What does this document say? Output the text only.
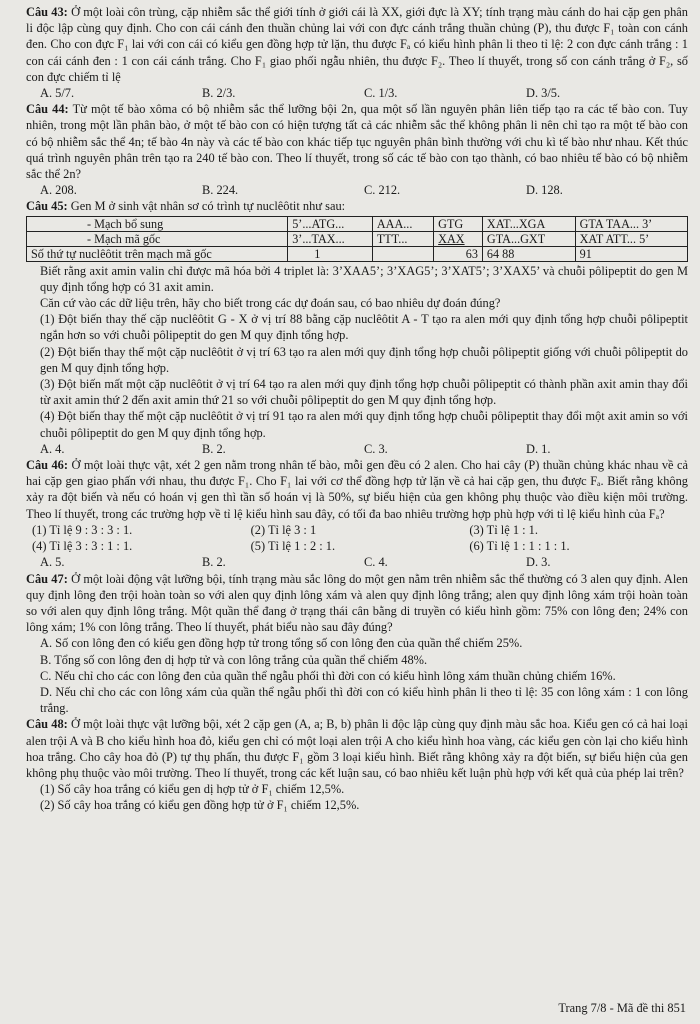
Câu 43: Ở một loài côn trùng, cặp nhiễm sắc thể giới tính ở giới cái là XX, giới đực là XY; tính trạng màu cánh do hai cặp gen phân li độc lập cùng quy định. Cho con cái cánh đen thuần chủng lai với con đực cánh trắng thuần chủng (P), thu được F₁ toàn con cánh đen. Cho con đực F₁ lai với con cái có kiểu gen đồng hợp tử lặn, thu được Fₐ có kiểu hình phân li theo tỉ lệ: 2 con đực cánh trắng : 1 con cái cánh đen : 1 con cái cánh trắng. Cho F₁ giao phối ngẫu nhiên, thu được F₂. Theo lí thuyết, trong số con cánh trắng ở F₂, số con đực chiếm tỉ lệ

A. 5/7.	B. 2/3.	C. 1/3.	D. 3/5.

Câu 44: Từ một tế bào xôma có bộ nhiễm sắc thể lưỡng bội 2n, qua một số lần nguyên phân liên tiếp tạo ra các tế bào con. Tuy nhiên, trong một lần phân bào, ở một tế bào con có hiện tượng tất cả các nhiễm sắc thể không phân li nên chỉ tạo ra một tế bào con có bộ nhiễm sắc thể 4n; tế bào 4n này và các tế bào con khác tiếp tục nguyên phân bình thường với chu kì tế bào như nhau. Kết thúc quá trình nguyên phân trên tạo ra 240 tế bào con. Theo lí thuyết, trong số các tế bào con tạo thành, có bao nhiêu tế bào có bộ nhiễm sắc thể 2n?

A. 208.	B. 224.	C. 212.	D. 128.

Câu 45: Gen M ở sinh vật nhân sơ có trình tự nuclêôtit như sau:

- Mạch bổ sung	5’...ATG...	AAA...	GTG	XAT...XGA	GTA TAA... 3’
- Mạch mã gốc	3’...TAX...	TTT...	XAX	GTA...GXT	XAT ATT... 5’
Số thứ tự nuclêôtit trên mạch mã gốc	1		63	64 88	91

Biết rằng axit amin valin chỉ được mã hóa bởi 4 triplet là: 3’XAA5’; 3’XAG5’; 3’XAT5’; 3’XAX5’ và chuỗi pôlipeptit do gen M quy định tổng hợp có 31 axit amin.

Căn cứ vào các dữ liệu trên, hãy cho biết trong các dự đoán sau, có bao nhiêu dự đoán đúng?

(1) Đột biến thay thế cặp nuclêôtit G - X ở vị trí 88 bằng cặp nuclêôtit A - T tạo ra alen mới quy định tổng hợp chuỗi pôlipeptit ngắn hơn so với chuỗi pôlipeptit do gen M quy định tổng hợp.

(2) Đột biến thay thế một cặp nuclêôtit ở vị trí 63 tạo ra alen mới quy định tổng hợp chuỗi pôlipeptit giống với chuỗi pôlipeptit do gen M quy định tổng hợp.

(3) Đột biến mất một cặp nuclêôtit ở vị trí 64 tạo ra alen mới quy định tổng hợp chuỗi pôlipeptit có thành phần axit amin thay đổi từ axit amin thứ 2 đến axit amin thứ 21 so với chuỗi pôlipeptit do gen M quy định tổng hợp.

(4) Đột biến thay thế một cặp nuclêôtit ở vị trí 91 tạo ra alen mới quy định tổng hợp chuỗi pôlipeptit thay đổi một axit amin so với chuỗi pôlipeptit do gen M quy định tổng hợp.

A. 4.	B. 2.	C. 3.	D. 1.

Câu 46: Ở một loài thực vật, xét 2 gen nằm trong nhân tế bào, mỗi gen đều có 2 alen. Cho hai cây (P) thuần chủng khác nhau về cả hai cặp gen giao phấn với nhau, thu được F₁. Cho F₁ lai với cơ thể đồng hợp tử lặn về cả hai cặp gen, thu được Fₐ. Biết rằng không xảy ra đột biến và nếu có hoán vị gen thì tần số hoán vị là 50%, sự biểu hiện của gen không phụ thuộc vào điều kiện môi trường. Theo lí thuyết, trong các trường hợp về tỉ lệ kiểu hình sau đây, có tối đa bao nhiêu trường hợp phù hợp với tỉ lệ kiểu hình của Fₐ?

(1) Tỉ lệ 9 : 3 : 3 : 1.	(2) Tỉ lệ 3 : 1	(3) Tỉ lệ 1 : 1.
(4) Tỉ lệ 3 : 3 : 1 : 1.	(5) Tỉ lệ 1 : 2 : 1.	(6) Tỉ lệ 1 : 1 : 1 : 1.
A. 5.	B. 2.	C. 4.	D. 3.

Câu 47: Ở một loài động vật lưỡng bội, tính trạng màu sắc lông do một gen nằm trên nhiễm sắc thể thường có 3 alen quy định. Alen quy định lông đen trội hoàn toàn so với alen quy định lông xám và alen quy định lông trắng; alen quy định lông xám trội hoàn toàn so với alen quy định lông trắng. Một quần thể đang ở trạng thái cân bằng di truyền có kiểu hình gồm: 75% con lông đen; 24% con lông xám; 1% con lông trắng. Theo lí thuyết, phát biểu nào sau đây đúng?

A. Số con lông đen có kiểu gen đồng hợp tử trong tổng số con lông đen của quần thể chiếm 25%.

B. Tổng số con lông đen dị hợp tử và con lông trắng của quần thể chiếm 48%.

C. Nếu chỉ cho các con lông đen của quần thể ngẫu phối thì đời con có kiểu hình lông xám thuần chủng chiếm 16%.

D. Nếu chỉ cho các con lông xám của quần thể ngẫu phối thì đời con có kiểu hình phân li theo tỉ lệ: 35 con lông xám : 1 con lông trắng.

Câu 48: Ở một loài thực vật lưỡng bội, xét 2 cặp gen (A, a; B, b) phân li độc lập cùng quy định màu sắc hoa. Kiểu gen có cả hai loại alen trội A và B cho kiểu hình hoa đỏ, kiểu gen chỉ có một loại alen trội A cho kiểu hình hoa vàng, các kiểu gen còn lại cho kiểu hình hoa trắng. Cho cây hoa đỏ (P) tự thụ phấn, thu được F₁ gồm 3 loại kiểu hình. Biết rằng không xảy ra đột biến, sự biểu hiện của gen không phụ thuộc vào môi trường. Theo lí thuyết, trong các kết luận sau, có bao nhiêu kết luận phù hợp với kết quả của phép lai trên?

(1) Số cây hoa trắng có kiểu gen dị hợp tử ở F₁ chiếm 12,5%.

(2) Số cây hoa trắng có kiểu gen đồng hợp tử ở F₁ chiếm 12,5%.

Trang 7/8 - Mã đề thi 851
